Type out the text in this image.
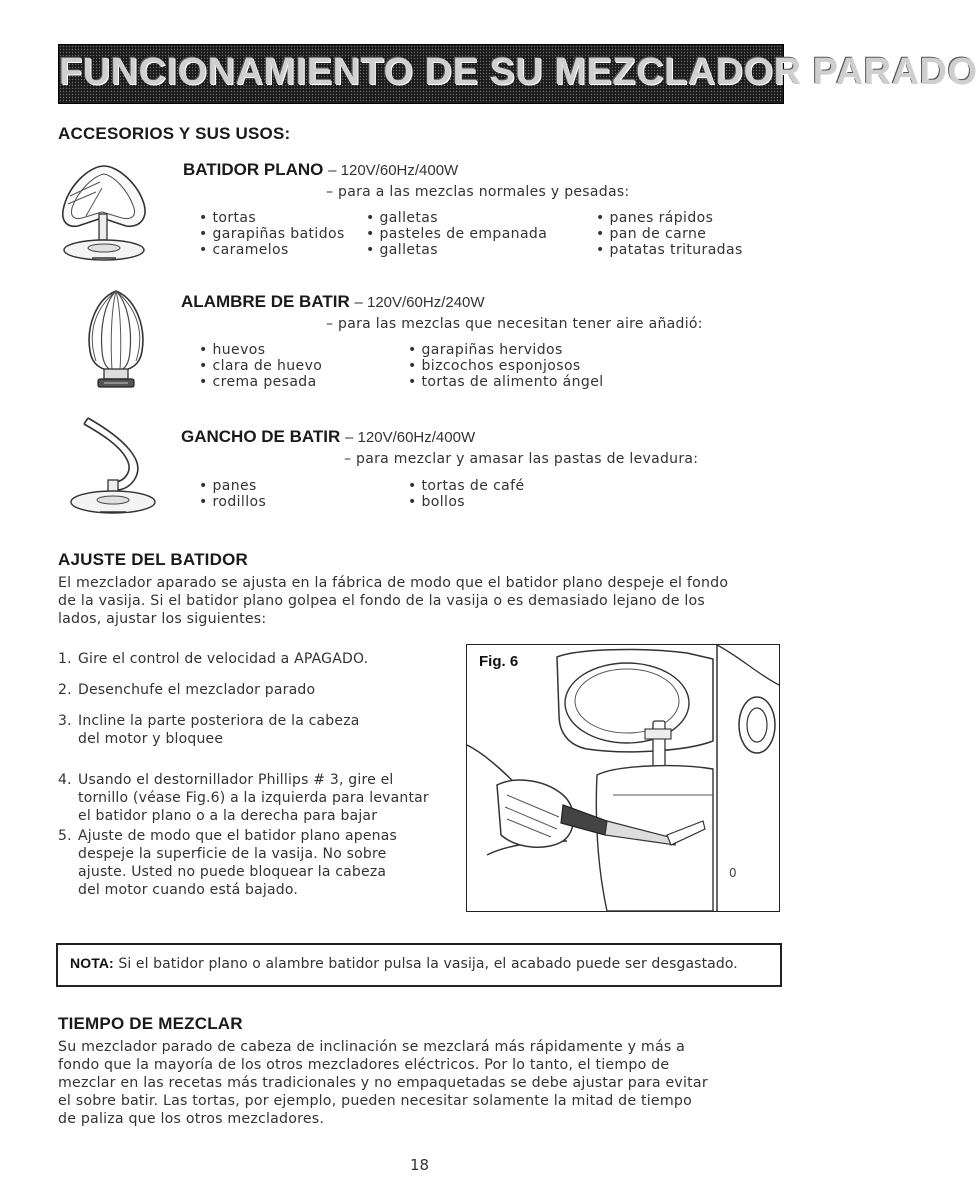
FUNCIONAMIENTO DE SU MEZCLADOR PARADO
ACCESORIOS Y SUS USOS:
BATIDOR PLANO – 120V/60Hz/400W
– para a las mezclas normales y pesadas:
• tortas
• garapiñas batidos
• caramelos
• galletas
• pasteles de empanada
• galletas
• panes rápidos
• pan de carne
• patatas trituradas
ALAMBRE DE BATIR – 120V/60Hz/240W
– para las mezclas que necesitan tener aire añadió:
• huevos
• clara de huevo
• crema pesada
• garapiñas hervidos
• bizcochos esponjosos
• tortas de alimento ángel
GANCHO DE BATIR – 120V/60Hz/400W
– para mezclar y amasar las pastas de levadura:
• panes
• rodillos
• tortas de café
• bollos
AJUSTE DEL BATIDOR
El mezclador aparado se ajusta en la fábrica de modo que el batidor plano despeje el fondo
de la vasija. Si el batidor plano golpea el fondo de la vasija o es demasiado lejano de los
lados, ajustar los siguientes:
1. Gire el control de velocidad a APAGADO.
2. Desenchufe el mezclador parado
3. Incline la parte posteriora de la cabeza
del motor y bloquee
4. Usando el destornillador Phillips # 3, gire el
tornillo (véase Fig.6) a la izquierda para levantar
el batidor plano o a la derecha para bajar
5. Ajuste de modo que el batidor plano apenas
despeje la superficie de la vasija. No sobre
ajuste. Usted no puede bloquear la cabeza
del motor cuando está bajado.
0
Fig. 6
NOTA: Si el batidor plano o alambre batidor pulsa la vasija, el acabado puede ser desgastado.
TIEMPO DE MEZCLAR
Su mezclador parado de cabeza de inclinación se mezclará más rápidamente y más a
fondo que la mayoría de los otros mezcladores eléctricos. Por lo tanto, el tiempo de
mezclar en las recetas más tradicionales y no empaquetadas se debe ajustar para evitar
el sobre batir. Las tortas, por ejemplo, pueden necesitar solamente la mitad de tiempo
de paliza que los otros mezcladores.
18
